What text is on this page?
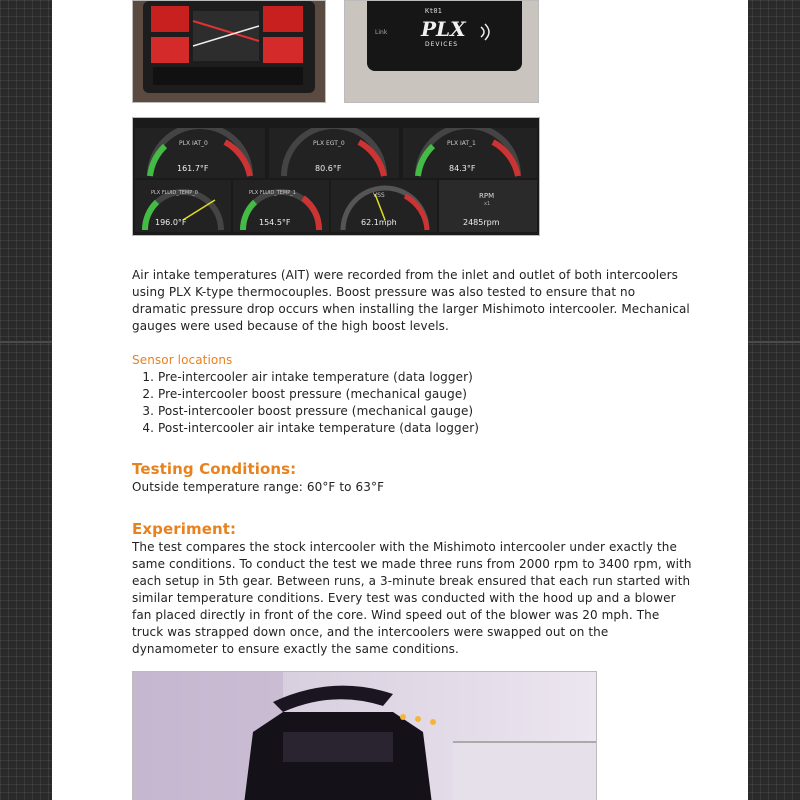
Kt01
Link PLX
DEVICES
PLX IAT_0
161.7°F
PLX EGT_0
80.6°F
PLX IAT_1
84.3°F
PLX FLUID_TEMP_0
196.0°F
PLX FLUID_TEMP_1
154.5°F
VSS
62.1mph
RPM
x1
2485rpm
Air intake temperatures (AIT) were recorded from the inlet and outlet of both intercoolers using PLX K-type thermocouples. Boost pressure was also tested to ensure that no dramatic pressure drop occurs when installing the larger Mishimoto intercooler. Mechanical gauges were used because of the high boost levels.
Sensor locations
1. Pre-intercooler air intake temperature (data logger)
2. Pre-intercooler boost pressure (mechanical gauge)
3. Post-intercooler boost pressure (mechanical gauge)
4. Post-intercooler air intake temperature (data logger)
Testing Conditions:
Outside temperature range: 60°F to 63°F
Experiment:
The test compares the stock intercooler with the Mishimoto intercooler under exactly the same conditions. To conduct the test we made three runs from 2000 rpm to 3400 rpm, with each setup in 5th gear. Between runs, a 3-minute break ensured that each run started with similar temperature conditions. Every test was conducted with the hood up and a blower fan placed directly in front of the core. Wind speed out of the blower was 20 mph. The truck was strapped down once, and the intercoolers were swapped out on the dynamometer to ensure exactly the same conditions.
